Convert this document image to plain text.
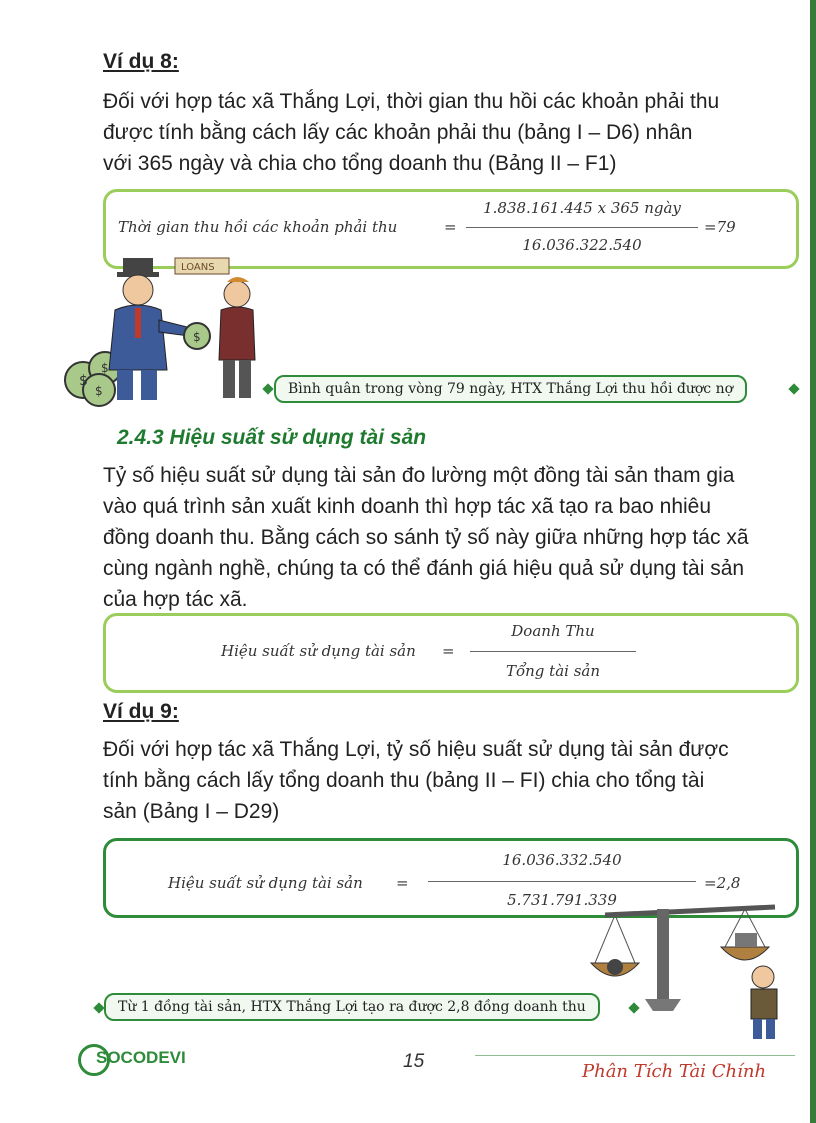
Ví dụ 8:
Đối với hợp tác xã Thắng Lợi, thời gian thu hồi các khoản phải thu
được tính bằng cách lấy các khoản phải thu (bảng I – D6) nhân
với 365 ngày và chia cho tổng doanh thu (Bảng II – F1)
Thời gian thu hồi các khoản phải thu	=
1.838.161.445 x 365 ngày
16.036.322.540
=79
$
$
$
LOANS
$
Bình quân trong vòng 79 ngày, HTX Thắng Lợi thu hồi được nợ
2.4.3 Hiệu suất sử dụng tài sản
Tỷ số hiệu suất sử dụng tài sản đo lường một đồng tài sản tham gia
vào quá trình sản xuất kinh doanh thì hợp tác xã tạo ra bao nhiêu
đồng doanh thu. Bằng cách so sánh tỷ số này giữa những hợp tác xã
cùng ngành nghề, chúng ta có thể đánh giá hiệu quả sử dụng tài sản
của hợp tác xã.
Hiệu suất sử dụng tài sản =
Doanh Thu
Tổng tài sản
Ví dụ 9:
Đối với hợp tác xã Thắng Lợi, tỷ số hiệu suất sử dụng tài sản được
tính bằng cách lấy tổng doanh thu (bảng II – FI) chia cho tổng tài
sản (Bảng I – D29)
Hiệu suất sử dụng tài sản =
16.036.332.540
5.731.791.339
=2,8
Từ 1 đồng tài sản, HTX Thắng Lợi tạo ra được 2,8 đồng doanh thu
SOCODEVI	15	Phân Tích Tài Chính
